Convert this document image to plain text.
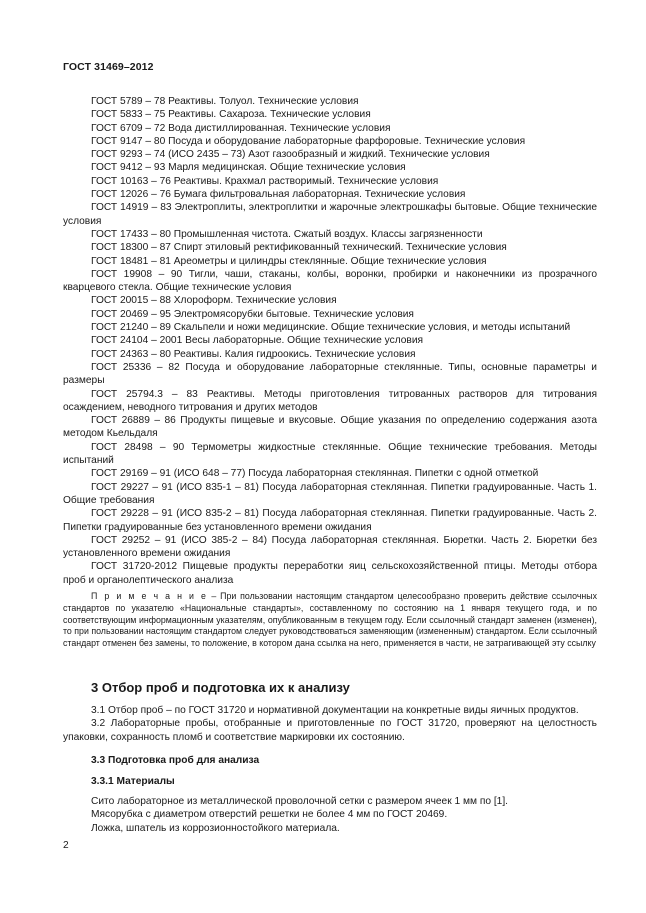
ГОСТ 31469–2012

ГОСТ 5789 – 78 Реактивы. Толуол. Технические условия

ГОСТ 5833 – 75 Реактивы. Сахароза. Технические условия

ГОСТ 6709 – 72 Вода дистиллированная. Технические условия

ГОСТ 9147 – 80 Посуда и оборудование лабораторные фарфоровые. Технические условия

ГОСТ 9293 – 74 (ИСО 2435 – 73) Азот газообразный и жидкий. Технические условия

ГОСТ 9412 – 93 Марля медицинская. Общие технические условия

ГОСТ 10163 – 76 Реактивы. Крахмал растворимый. Технические условия

ГОСТ 12026 – 76 Бумага фильтровальная лабораторная. Технические условия

ГОСТ 14919 – 83 Электроплиты, электроплитки и жарочные электрошкафы бытовые. Общие технические условия

ГОСТ 17433 – 80 Промышленная чистота. Сжатый воздух. Классы загрязненности

ГОСТ 18300 – 87 Спирт этиловый ректификованный технический. Технические условия

ГОСТ 18481 – 81 Ареометры и цилиндры стеклянные. Общие технические условия

ГОСТ 19908 – 90 Тигли, чаши, стаканы, колбы, воронки, пробирки и наконечники из прозрачного кварцевого стекла. Общие технические условия

ГОСТ 20015 – 88 Хлороформ. Технические условия

ГОСТ 20469 – 95 Электромясорубки бытовые. Технические условия

ГОСТ 21240 – 89 Скальпели и ножи медицинские. Общие технические условия, и методы испытаний

ГОСТ 24104 – 2001 Весы лабораторные. Общие технические условия

ГОСТ 24363 – 80 Реактивы. Калия гидроокись. Технические условия

ГОСТ 25336 – 82 Посуда и оборудование лабораторные стеклянные. Типы, основные параметры и размеры

ГОСТ 25794.3 – 83 Реактивы. Методы приготовления титрованных растворов для титрования осаждением, неводного титрования и других методов

ГОСТ 26889 – 86 Продукты пищевые и вкусовые. Общие указания по определению содержания азота методом Кьельдаля

ГОСТ 28498 – 90 Термометры жидкостные стеклянные. Общие технические требования. Методы испытаний

ГОСТ 29169 – 91 (ИСО 648 – 77) Посуда лабораторная стеклянная. Пипетки с одной отметкой

ГОСТ 29227 – 91 (ИСО 835-1 – 81) Посуда лабораторная стеклянная. Пипетки градуированные. Часть 1. Общие требования

ГОСТ 29228 – 91 (ИСО 835-2 – 81) Посуда лабораторная стеклянная. Пипетки градуированные. Часть 2. Пипетки градуированные без установленного времени ожидания

ГОСТ 29252 – 91 (ИСО 385-2 – 84) Посуда лабораторная стеклянная. Бюретки. Часть 2. Бюретки без установленного времени ожидания

ГОСТ 31720-2012 Пищевые продукты переработки яиц сельскохозяйственной птицы. Методы отбора проб и органолептического анализа

П р и м е ч а н и е – При пользовании настоящим стандартом целесообразно проверить действие ссылочных стандартов по указателю «Национальные стандарты», составленному по состоянию на 1 января текущего года, и по соответствующим информационным указателям, опубликованным в текущем году. Если ссылочный стандарт заменен (изменен), то при пользовании настоящим стандартом следует руководствоваться заменяющим (измененным) стандартом. Если ссылочный стандарт отменен без замены, то положение, в котором дана ссылка на него, применяется в части, не затрагивающей эту ссылку

3 Отбор проб и подготовка их к анализу

3.1 Отбор проб – по ГОСТ 31720 и нормативной документации на конкретные виды яичных продуктов.

3.2 Лабораторные пробы, отобранные и приготовленные по ГОСТ 31720, проверяют на целостность упаковки, сохранность пломб и соответствие маркировки их состоянию.

3.3 Подготовка проб для анализа
3.3.1 Материалы

Сито лабораторное из металлической проволочной сетки с размером ячеек 1 мм по [1].

Мясорубка с диаметром отверстий решетки не более 4 мм по ГОСТ 20469.

Ложка, шпатель из коррозионностойкого материала.

2
